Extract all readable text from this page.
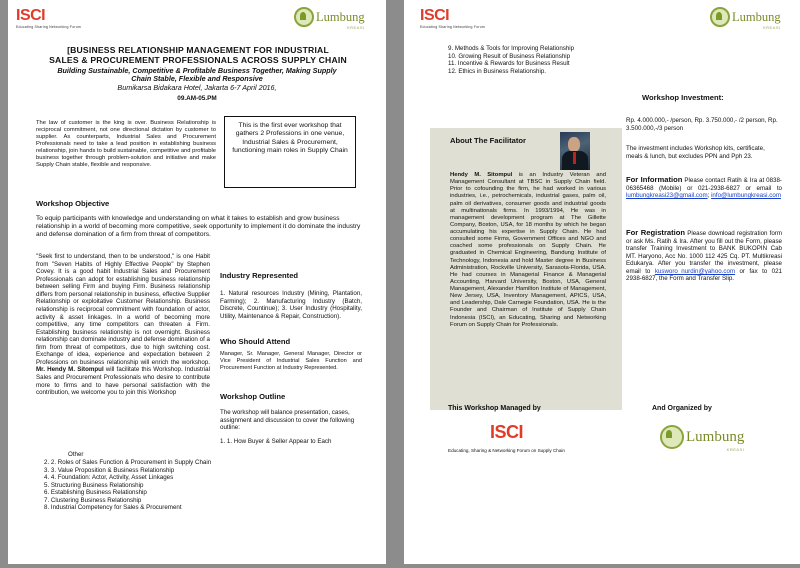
ISCI
Educating Sharing Networking Forum
Lumbung
KREASI
[BUSINESS RELATIONSHIP MANAGEMENT FOR INDUSTRIAL
SALES & PROCUREMENT PROFESSIONALS ACROSS SUPPLY CHAIN
Building Sustainable, Competitive & Profitable Business Together, Making Supply
Chain Stable, Flexible and Responsive
Bumikarsa Bidakara Hotel, Jakarta 6-7 April 2016,
09.AM-05.PM
The law of customer is the king is over. Business Relationship is reciprocal commitment, not one directional dictation by customer to supplier. As counterparts, Industrial Sales and Procurement Professionals need to take a lead position in establishing business relationship, join hands to build sustainable, competitive and profitable business together through problem-solution and initiative and make Supply Chain stable, flexible and responsive.
This is the first ever workshop that gathers 2 Professions in one venue, Industrial Sales & Procurement, functioning main roles in Supply Chain
Workshop Objective
To equip participants with knowledge and understanding on what it takes to establish and grow business relationship in a world of becoming more competitive, seek opportunity to implement it do dominate the industry and defense domination of a firm from threat of competitors.
"Seek first to understand, then to be understood," is one Habit from "Seven Habits of Highly Effective People" by Stephen Covey. It is a good habit Industrial Sales and Procurement Professionals can adopt for establishing business relationship between selling Firm and buying Firm. Business relationship differs from personal relationship in business, effective Supplier Relationship or exploitative Customer Relationship. Business relationship is reciprocal commitment with foundation of actor, activity & asset linkages. In a world of becoming more competitive, any time competitors can threaten a Firm. Establishing business relationship is not overnight. Business relationship can dominate industry and defense domination of a firm from threat of competitors, due to high switching cost. Exchange of idea, experience and expectation between 2 Professions on business relationship will enrich the workshop. Mr. Hendy M. Sitompul will facilitate this Workshop. Industrial Sales and Procurement Professionals who desire to contribute more to firms and to have personal satisfaction with the contribution, we welcome you to join this Workshop
Industry Represented
1. Natural resources Industry (Mining, Plantation, Farming); 2. Manufacturing Industry (Batch, Discrete, Countinue); 3. User Industry (Hospitality, Utility, Maintenance & Repair, Construction).
Who Should Attend
Manager, Sr. Manager, General Manager, Director or Vice President of Industrial Sales Function and Procurement Function at Industry Represented.
Workshop Outline
The workshop will balance presentation, cases, assignment and discussion to cover the following outline:
1. 1. How Buyer & Seller Appear to Each
Other
2. 2. Roles of Sales Function & Procurement in Supply Chain
3. 3. Value Proposition & Business Relationship
4. 4. Foundation: Actor, Activity, Asset Linkages
5. Structuring Business Relationship
6. Establishing Business Relationship
7. Clustering Business Relationship
8. Industrial Competency for Sales & Procurement
ISCI
Educating Sharing Networking Forum
Lumbung
KREASI
9. Methods & Tools for Improving Relationship
10. Growing Result of Business Relationship
11. Incentive & Rewards for Business Result
12. Ethics in Business Relationship.
About The Facilitator
Hendy M. Sitompul is an Industry Veteran and Management Consultant at TBSC in Supply Chain field. Prior to cofounding the firm, he had worked in various industries, i.e., petrochemicals, industrial gases, palm oil, palm oil derivatives, consumer goods and industrial goods at multinationals firms. In 1993/1994, He was in management development program at The Gillette Company, Boston, USA, for 18 months by which he began accumulating his expertise in Supply Chain. He had consulted some Firms, Government Offices and NGO and coached some professionals on Supply Chain. He graduated in Chemical Engineering, Bandung Institute of Technology, Indonesia and hold Master degree in Business Administration, Rockville University, Sarasota-Florida, USA. He had courses in Managerial Finance & Managerial Accounting, Harvard University, Boston, USA, General Management, Alexander Hamilton Institute of Management, New Jersey, USA, Inventory Management, APICS, USA, and Leadership, Dale Carnegie Foundation, USA. He is the Founder and Chairman of Institute of Supply Chain Indonesia (ISCI), an Educating, Sharing and Networking Forum on Supply Chain for Professionals.
Workshop Investment:
Rp. 4.000.000,- /person, Rp. 3.750.000,- /2 person, Rp. 3.500.000,-/3 person
The investment includes Workshop kits, certificate, meals & lunch, but excludes PPN and Pph 23.
For Information Please contact Ratih & Ira at 0838-06365468 (Mobile) or 021-2938-6827 or email to lumbungkreasi23@gmail.com; info@lumbungkreasi.com
For Registration Please download registration form or ask Ms. Ratih & Ira. After you fill out the Form, please transfer Training Investment to BANK BUKOPIN Cab MT. Haryono, Acc No. 1000 112 425 Cq. PT. Multikreasi Edukarya. After you transfer the investment, please email to kusworo_nurdin@yahoo.com or fax to 021 2938-6827, the Form and Transfer Slip.
This Workshop Managed by
ISCI
Educating, Sharing & Networking Forum on Supply Chain
And Organized by
Lumbung
KREASI
